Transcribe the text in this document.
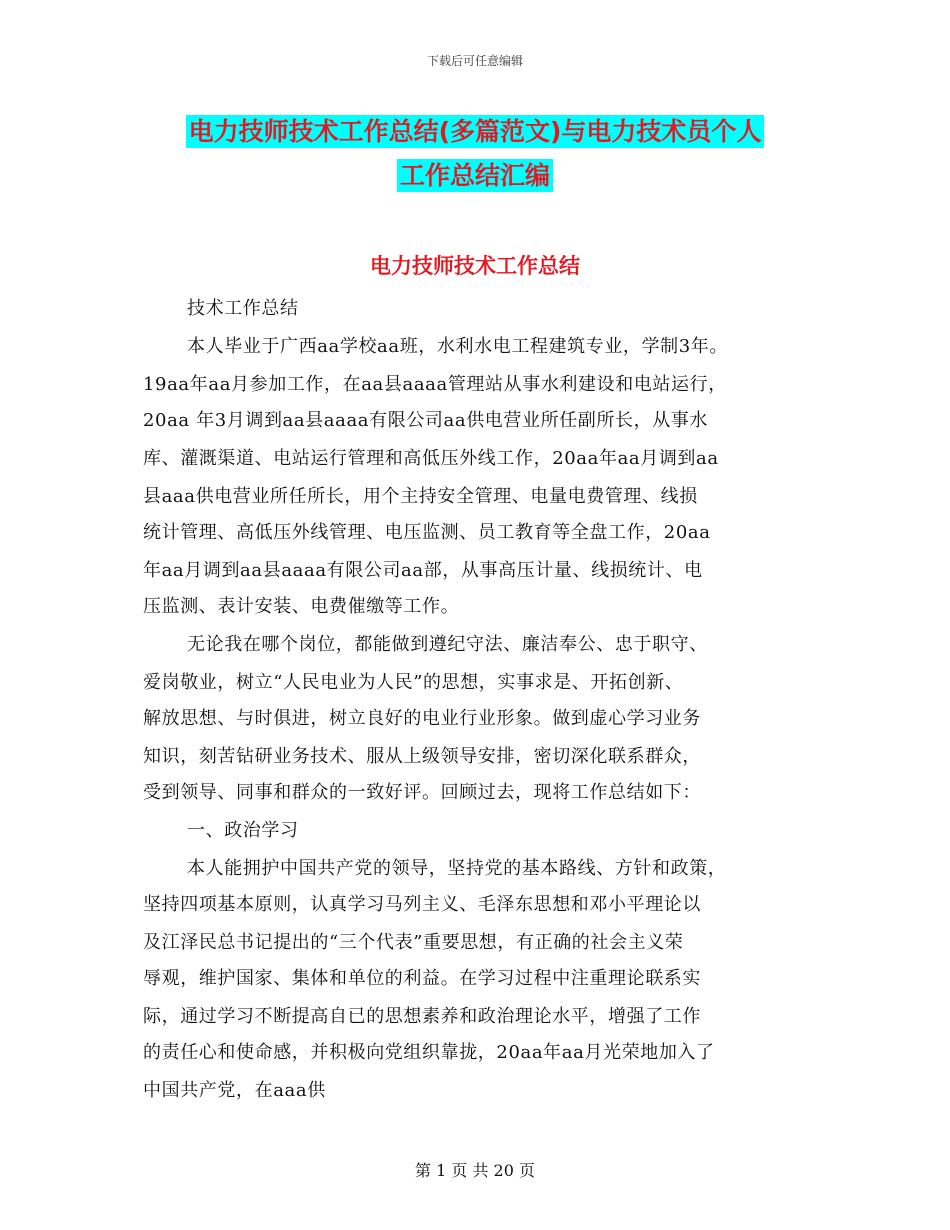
下载后可任意编辑
电力技师技术工作总结(多篇范文)与电力技术员个人
工作总结汇编
电力技师技术工作总结
技术工作总结
本人毕业于广西aa学校aa班，水利水电工程建筑专业，学制3年。
19aa年aa月参加工作，在aa县aaaa管理站从事水利建设和电站运行，
20aa 年3月调到aa县aaaa有限公司aa供电营业所任副所长，从事水
库、灌溉渠道、电站运行管理和高低压外线工作，20aa年aa月调到aa
县aaa供电营业所任所长，用个主持安全管理、电量电费管理、线损
统计管理、高低压外线管理、电压监测、员工教育等全盘工作，20aa
年aa月调到aa县aaaa有限公司aa部，从事高压计量、线损统计、电
压监测、表计安装、电费催缴等工作。
无论我在哪个岗位，都能做到遵纪守法、廉洁奉公、忠于职守、
爱岗敬业，树立“人民电业为人民”的思想，实事求是、开拓创新、
解放思想、与时俱进，树立良好的电业行业形象。做到虚心学习业务
知识，刻苦钻研业务技术、服从上级领导安排，密切深化联系群众，
受到领导、同事和群众的一致好评。回顾过去，现将工作总结如下：
一、政治学习
本人能拥护中国共产党的领导，坚持党的基本路线、方针和政策，
坚持四项基本原则，认真学习马列主义、毛泽东思想和邓小平理论以
及江泽民总书记提出的“三个代表”重要思想，有正确的社会主义荣
辱观，维护国家、集体和单位的利益。在学习过程中注重理论联系实
际，通过学习不断提高自已的思想素养和政治理论水平，增强了工作
的责任心和使命感，并积极向党组织靠拢，20aa年aa月光荣地加入了
中国共产党，在aaa供
第 1 页 共 20 页
